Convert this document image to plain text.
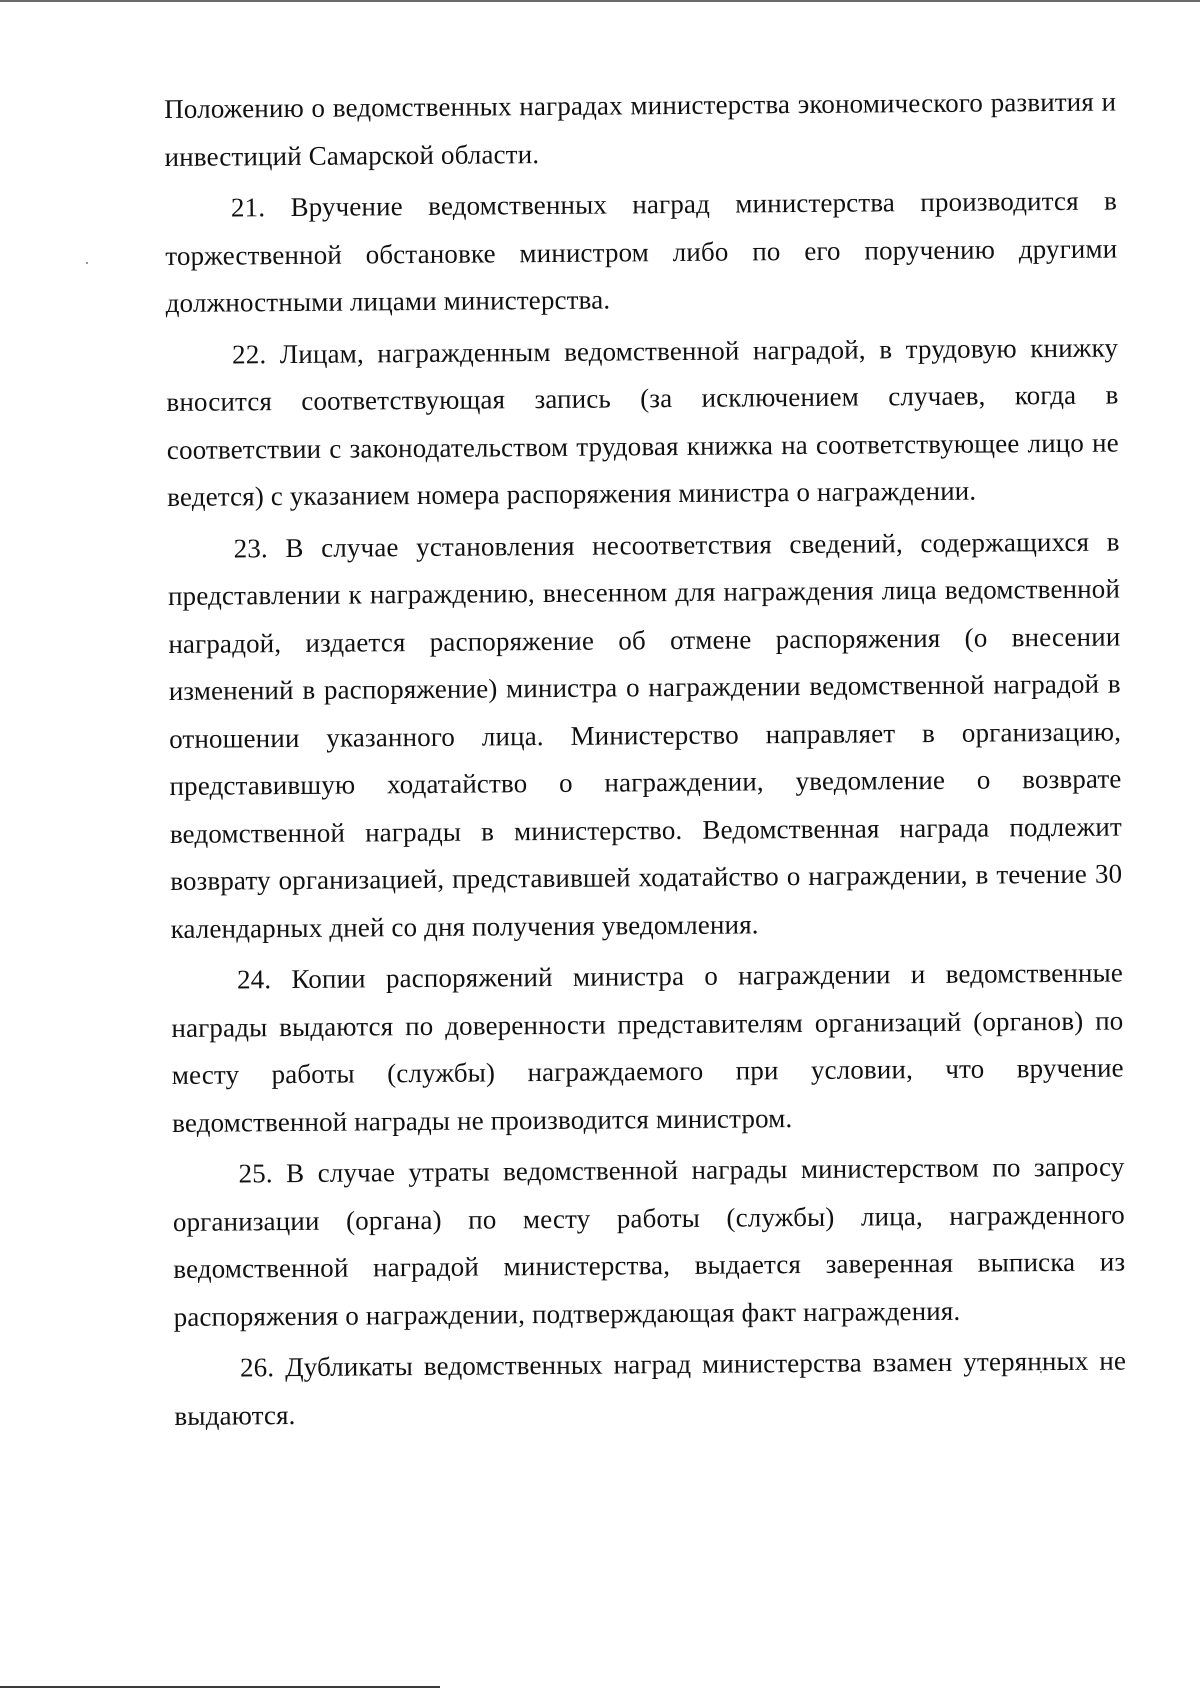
Положению о ведомственных наградах министерства экономического развития и инвестиций Самарской области.

21. Вручение ведомственных наград министерства производится в торжественной обстановке министром либо по его поручению другими должностными лицами министерства.

22. Лицам, награжденным ведомственной наградой, в трудовую книжку вносится соответствующая запись (за исключением случаев, когда в соответствии с законодательством трудовая книжка на соответствующее лицо не ведется) с указанием номера распоряжения министра о награждении.

23. В случае установления несоответствия сведений, содержащихся в представлении к награждению, внесенном для награждения лица ведомственной наградой, издается распоряжение об отмене распоряжения (о внесении изменений в распоряжение) министра о награждении ведомственной наградой в отношении указанного лица. Министерство направляет в организацию, представившую ходатайство о награждении, уведомление о возврате ведомственной награды в министерство. Ведомственная награда подлежит возврату организацией, представившей ходатайство о награждении, в течение 30 календарных дней со дня получения уведомления.

24. Копии распоряжений министра о награждении и ведомственные награды выдаются по доверенности представителям организаций (органов) по месту работы (службы) награждаемого при условии, что вручение ведомственной награды не производится министром.

25. В случае утраты ведомственной награды министерством по запросу организации (органа) по месту работы (службы) лица, награжденного ведомственной наградой министерства, выдается заверенная выписка из распоряжения о награждении, подтверждающая факт награждения.

26. Дубликаты ведомственных наград министерства взамен утерянных не выдаются.
